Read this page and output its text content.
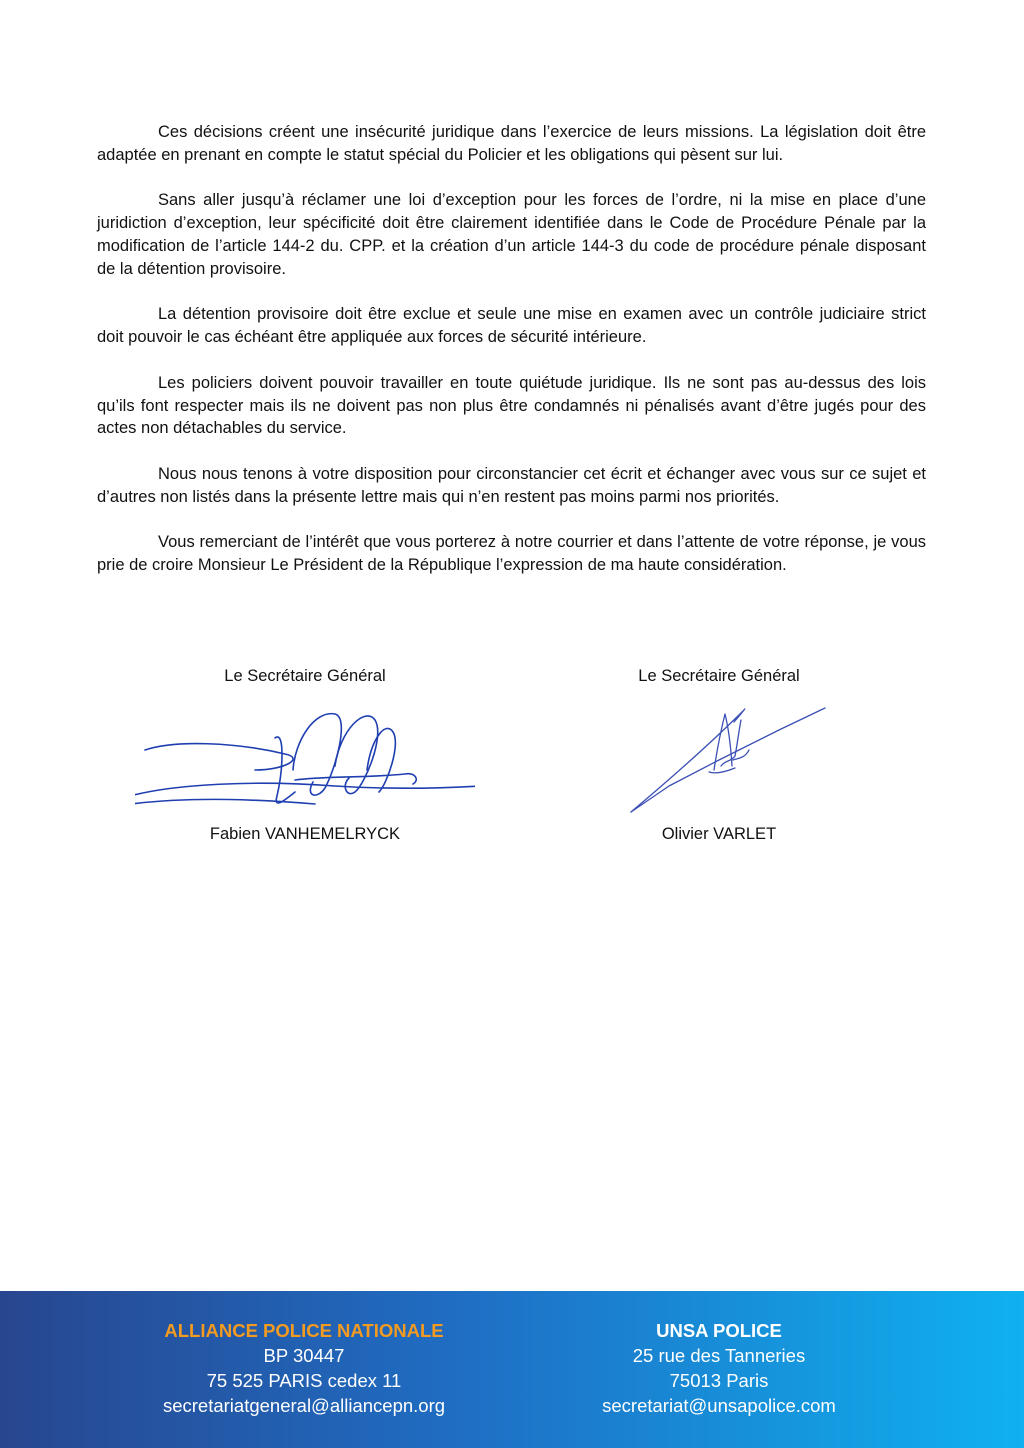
Ces décisions créent une insécurité juridique dans l’exercice de leurs missions. La législation doit être adaptée en prenant en compte le statut spécial du Policier et les obligations qui pèsent sur lui.

Sans aller jusqu’à réclamer une loi d’exception pour les forces de l’ordre, ni la mise en place d’une juridiction d’exception, leur spécificité doit être clairement identifiée dans le Code de Procédure Pénale par la modification de l’article 144-2 du. CPP. et la création d’un article 144-3 du code de procédure pénale disposant de la détention provisoire.

La détention provisoire doit être exclue et seule une mise en examen avec un contrôle judiciaire strict doit pouvoir le cas échéant être appliquée aux forces de sécurité intérieure.

Les policiers doivent pouvoir travailler en toute quiétude juridique. Ils ne sont pas au-dessus des lois qu’ils font respecter mais ils ne doivent pas non plus être condamnés ni pénalisés avant d’être jugés pour des actes non détachables du service.

Nous nous tenons à votre disposition pour circonstancier cet écrit et échanger avec vous sur ce sujet et d’autres non listés dans la présente lettre mais qui n’en restent pas moins parmi nos priorités.

Vous remerciant de l’intérêt que vous porterez à notre courrier et dans l’attente de votre réponse, je vous prie de croire Monsieur Le Président de la République l’expression de ma haute considération.

Le Secrétaire Général
Fabien VANHEMELRYCK
Le Secrétaire Général
Olivier VARLET
ALLIANCE POLICE NATIONALE
BP 30447
75 525 PARIS cedex 11
secretariatgeneral@alliancepn.org
UNSA POLICE
25 rue des Tanneries
75013 Paris
secretariat@unsapolice.com
